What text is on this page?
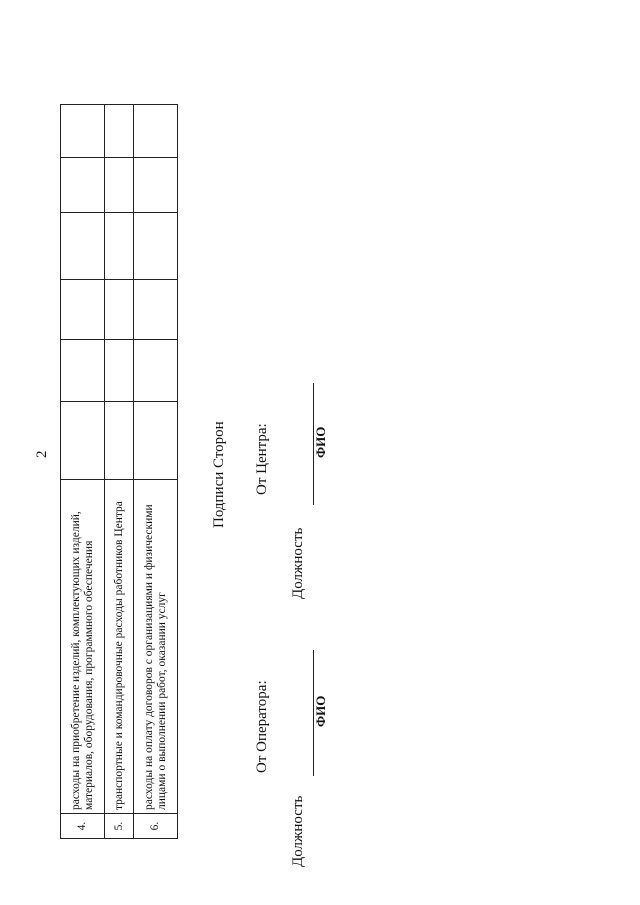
2
4.	расходы на приобретение изделий, комплектующих изделий, материалов, оборудования, программного обеспечения						
5.	транспортные и командировочные расходы работников Центра						
6.	расходы на оплату договоров с организациями и физическими лицами о выполнении работ, оказании услуг						
Подписи Сторон
От Оператора:
Должность
ФИО
От Центра:
Должность
ФИО
